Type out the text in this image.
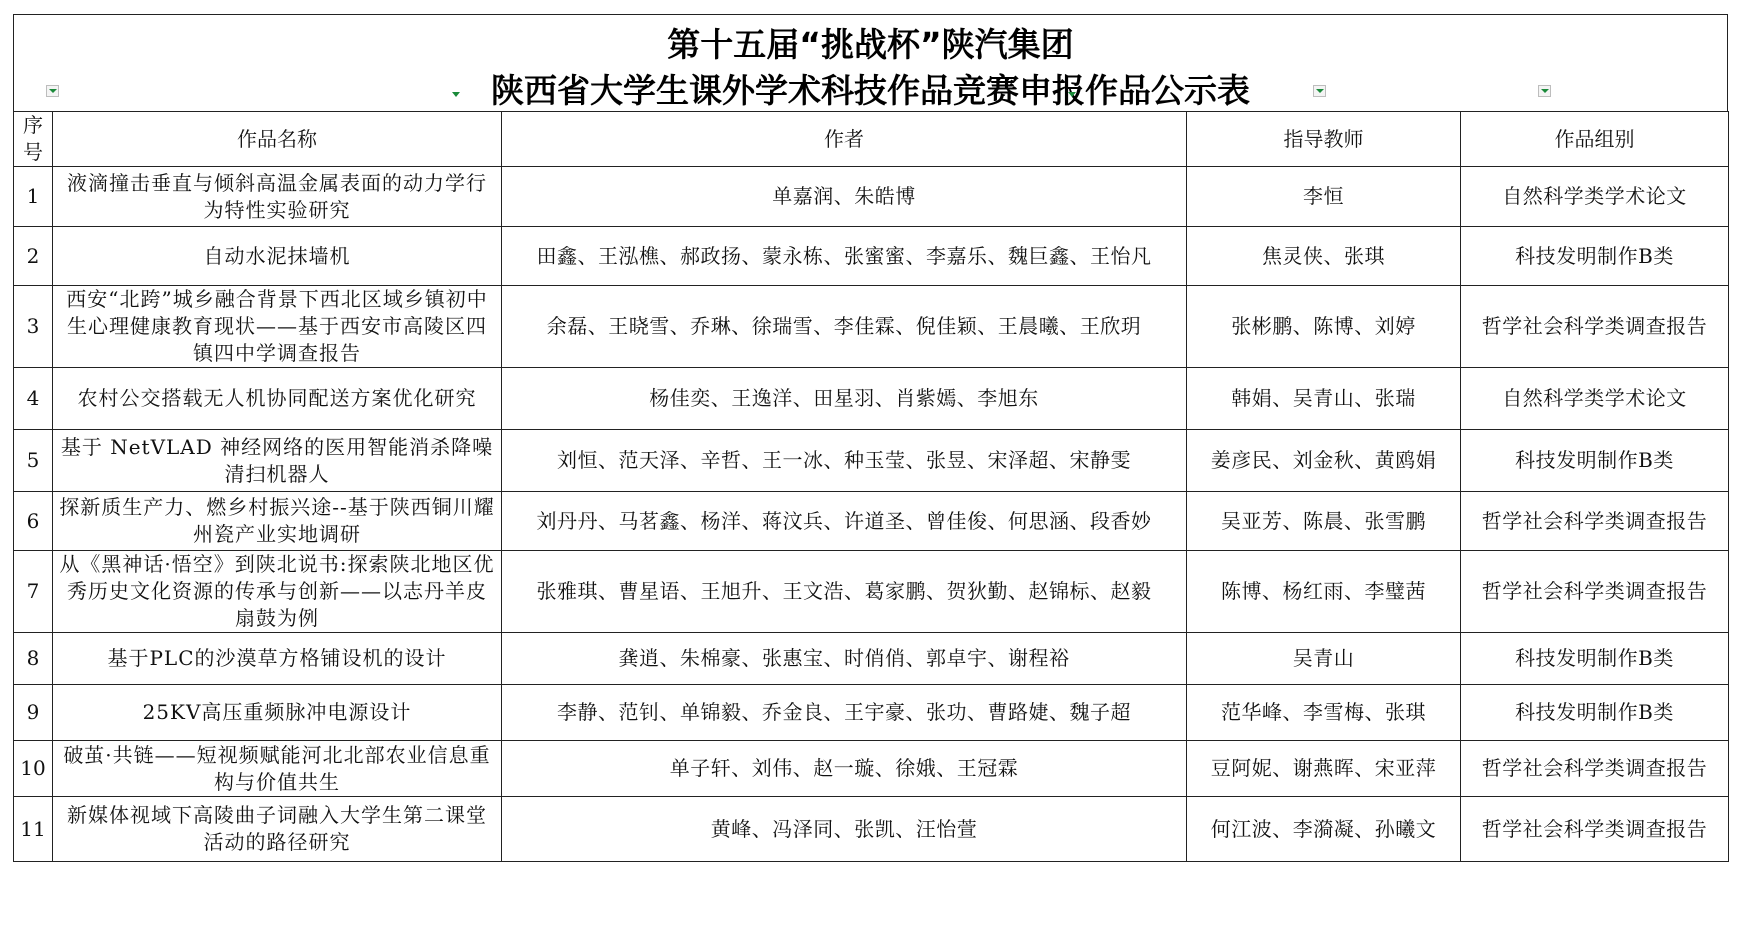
第十五届“挑战杯”陕汽集团
陕西省大学生课外学术科技作品竞赛申报作品公示表
序号	作品名称	作者	指导教师	作品组别
1	液滴撞击垂直与倾斜高温金属表面的动力学行为特性实验研究	单嘉润、朱皓博	李恒	自然科学类学术论文
2	自动水泥抹墙机	田鑫、王泓樵、郝政扬、蒙永栋、张蜜蜜、李嘉乐、魏巨鑫、王怡凡	焦灵侠、张琪	科技发明制作B类
3	西安“北跨”城乡融合背景下西北区域乡镇初中生心理健康教育现状——基于西安市高陵区四镇四中学调查报告	余磊、王晓雪、乔琳、徐瑞雪、李佳霖、倪佳颖、王晨曦、王欣玥	张彬鹏、陈博、刘婷	哲学社会科学类调查报告
4	农村公交搭载无人机协同配送方案优化研究	杨佳奕、王逸洋、田星羽、肖紫嫣、李旭东	韩娟、吴青山、张瑞	自然科学类学术论文
5	基于 NetVLAD 神经网络的医用智能消杀降噪清扫机器人	刘恒、范天泽、辛哲、王一冰、种玉莹、张昱、宋泽超、宋静雯	姜彦民、刘金秋、黄鸥娟	科技发明制作B类
6	探新质生产力、燃乡村振兴途--基于陕西铜川耀州瓷产业实地调研	刘丹丹、马茗鑫、杨洋、蒋汶兵、许道圣、曾佳俊、何思涵、段香妙	吴亚芳、陈晨、张雪鹏	哲学社会科学类调查报告
7	从《黑神话·悟空》到陕北说书:探索陕北地区优秀历史文化资源的传承与创新——以志丹羊皮扇鼓为例	张雅琪、曹星语、王旭升、王文浩、葛家鹏、贺狄勤、赵锦标、赵毅	陈博、杨红雨、李璧茜	哲学社会科学类调查报告
8	基于PLC的沙漠草方格铺设机的设计	龚逍、朱棉豪、张惠宝、时俏俏、郭卓宇、谢程裕	吴青山	科技发明制作B类
9	25KV高压重频脉冲电源设计	李静、范钊、单锦毅、乔金良、王宇豪、张功、曹路婕、魏子超	范华峰、李雪梅、张琪	科技发明制作B类
10	破茧·共链——短视频赋能河北北部农业信息重构与价值共生	单子轩、刘伟、赵一璇、徐娥、王冠霖	豆阿妮、谢燕晖、宋亚萍	哲学社会科学类调查报告
11	新媒体视域下高陵曲子词融入大学生第二课堂活动的路径研究	黄峰、冯泽同、张凯、汪怡萱	何江波、李漪凝、孙曦文	哲学社会科学类调查报告
